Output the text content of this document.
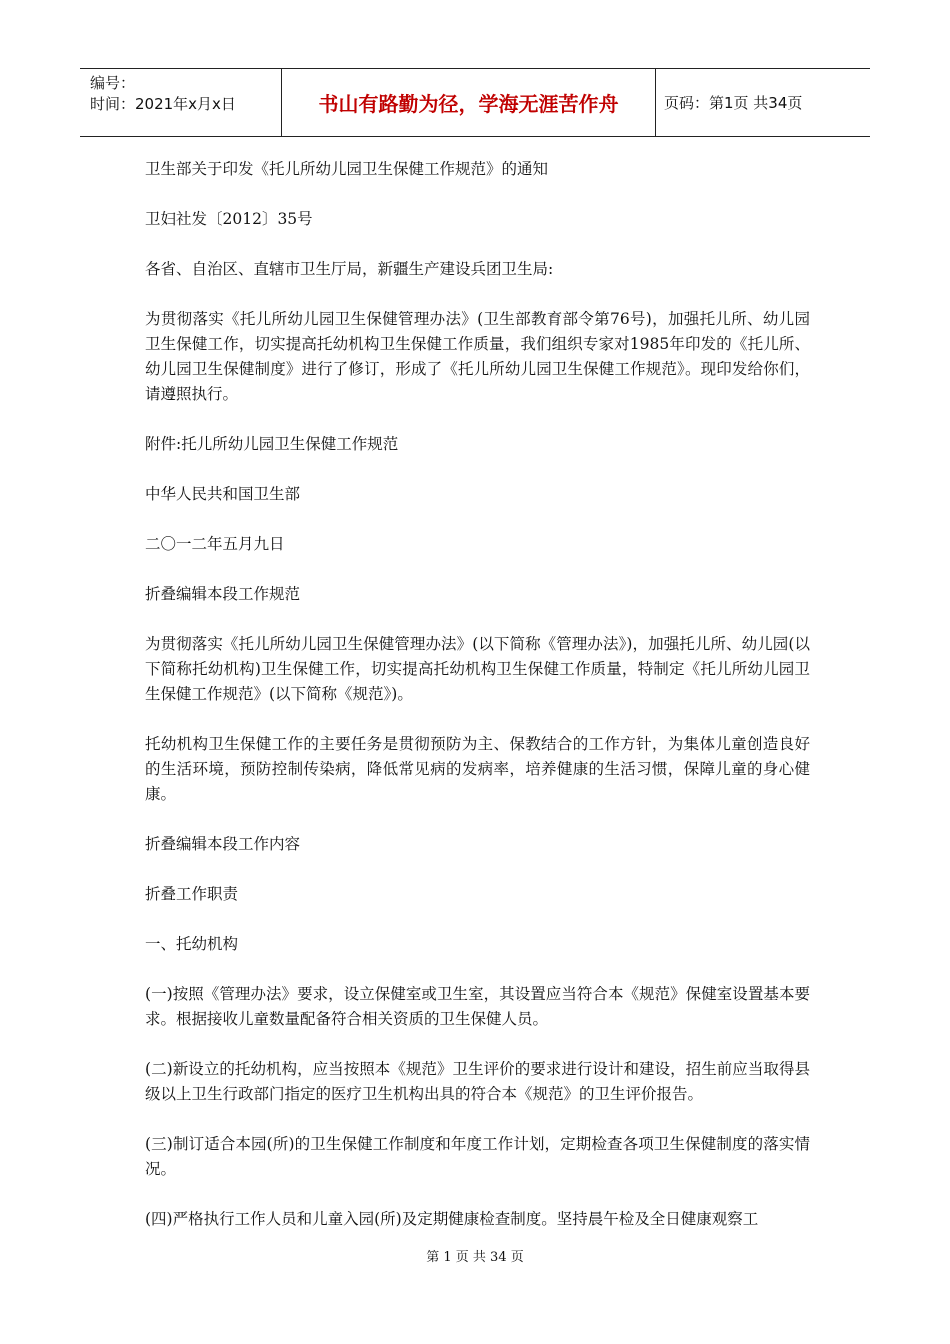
编号：
时间：2021年x月x日	书山有路勤为径，学海无涯苦作舟	页码：第1页 共34页

卫生部关于印发《托儿所幼儿园卫生保健工作规范》的通知

卫妇社发〔2012〕35号

各省、自治区、直辖市卫生厅局，新疆生产建设兵团卫生局:

为贯彻落实《托儿所幼儿园卫生保健管理办法》(卫生部教育部令第76号)，加强托儿所、幼儿园卫生保健工作，切实提高托幼机构卫生保健工作质量，我们组织专家对1985年印发的《托儿所、幼儿园卫生保健制度》进行了修订，形成了《托儿所幼儿园卫生保健工作规范》。现印发给你们，请遵照执行。

附件:托儿所幼儿园卫生保健工作规范

中华人民共和国卫生部

二〇一二年五月九日

折叠编辑本段工作规范

为贯彻落实《托儿所幼儿园卫生保健管理办法》(以下简称《管理办法》)，加强托儿所、幼儿园(以下简称托幼机构)卫生保健工作，切实提高托幼机构卫生保健工作质量，特制定《托儿所幼儿园卫生保健工作规范》(以下简称《规范》)。

托幼机构卫生保健工作的主要任务是贯彻预防为主、保教结合的工作方针，为集体儿童创造良好的生活环境，预防控制传染病，降低常见病的发病率，培养健康的生活习惯，保障儿童的身心健康。

折叠编辑本段工作内容

折叠工作职责

一、托幼机构

(一)按照《管理办法》要求，设立保健室或卫生室，其设置应当符合本《规范》保健室设置基本要求。根据接收儿童数量配备符合相关资质的卫生保健人员。

(二)新设立的托幼机构，应当按照本《规范》卫生评价的要求进行设计和建设，招生前应当取得县级以上卫生行政部门指定的医疗卫生机构出具的符合本《规范》的卫生评价报告。

(三)制订适合本园(所)的卫生保健工作制度和年度工作计划，定期检查各项卫生保健制度的落实情况。

(四)严格执行工作人员和儿童入园(所)及定期健康检查制度。坚持晨午检及全日健康观察工

第 1 页 共 34 页
